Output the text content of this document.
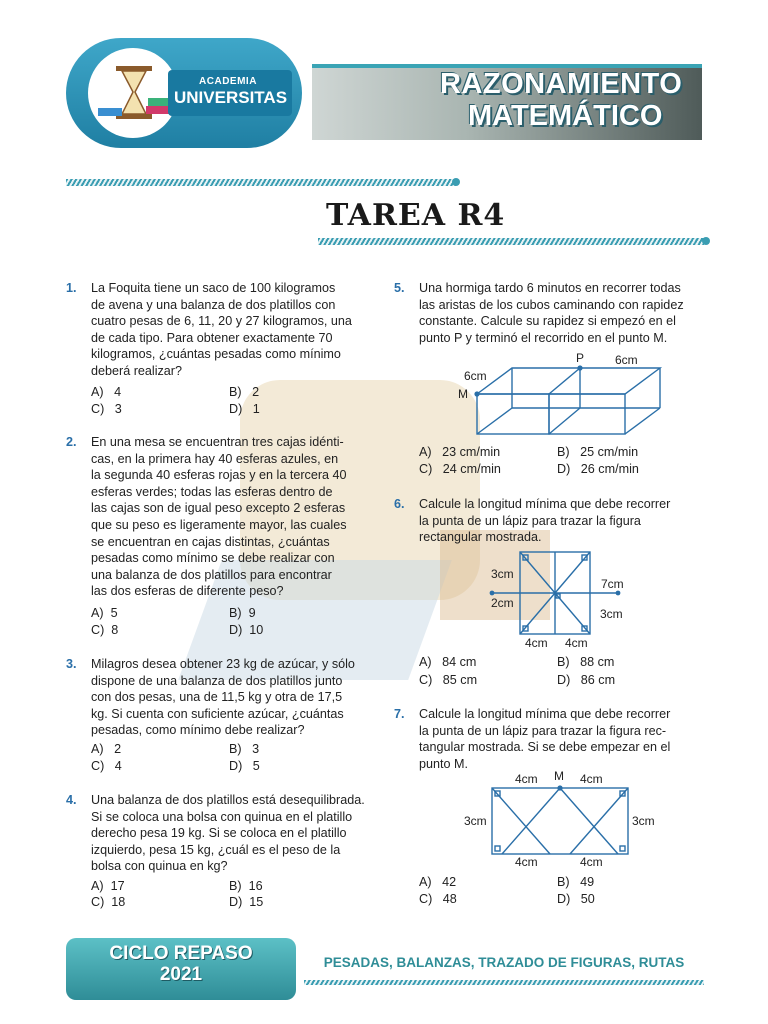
ACADEMIA
UNIVERSITAS	RAZONAMIENTO
MATEMÁTICO
TAREA R4
1. La Foquita tiene un saco de 100 kilogramos
de avena y una balanza de dos platillos con
cuatro pesas de 6, 11, 20 y 27 kilogramos, una
de cada tipo. Para obtener exactamente 70
kilogramos, ¿cuántas pesadas como mínimo
deberá realizar?
A)   4	B)   2
C)   3	D)   1
2. En una mesa se encuentran tres cajas idénti-
cas, en la primera hay 40 esferas azules, en
la segunda 40 esferas rojas y en la tercera 40
esferas verdes; todas las esferas dentro de
las cajas son de igual peso excepto 2 esferas
que su peso es ligeramente mayor, las cuales
se encuentran en cajas distintas, ¿cuántas
pesadas como mínimo se debe realizar con
una balanza de dos platillos para encontrar
las dos esferas de diferente peso?
A)  5	B)  9
C)  8	D)  10
3. Milagros desea obtener 23 kg de azúcar, y sólo
dispone de una balanza de dos platillos junto
con dos pesas, una de 11,5 kg y otra de 17,5
kg. Si cuenta con suficiente azúcar, ¿cuántas
pesadas, como mínimo debe realizar?
A)   2	B)   3
C)   4	D)   5
4. Una balanza de dos platillos está desequilibrada.
Si se coloca una bolsa con quinua en el platillo
derecho pesa 19 kg. Si se coloca en el platillo
izquierdo, pesa 15 kg, ¿cuál es el peso de la
bolsa con quinua en kg?
A)  17	B)  16
C)  18	D)  15
5. Una hormiga tardo 6 minutos en recorrer todas
las aristas de los cubos caminando con rapidez
constante. Calcule su rapidez si empezó en el
punto P y terminó el recorrido en el punto M.
A)   23 cm/min	B)   25 cm/min
C)   24 cm/min	D)   26 cm/min
P	6cm
6cm
M
6. Calcule la longitud mínima que debe recorrer
la punta de un lápiz para trazar la figura
rectangular mostrada.
A)   84 cm	B)   88 cm
C)   85 cm	D)   86 cm
3cm
2cm
7cm
3cm
4cm 4cm
7. Calcule la longitud mínima que debe recorrer
la punta de un lápiz para trazar la figura rec-
tangular mostrada. Si se debe empezar en el
punto M.
A)   42	B)   49
C)   48	D)   50
4cm M 4cm
3cm	3cm
4cm	4cm
CICLO REPASO
2021
PESADAS, BALANZAS, TRAZADO DE FIGURAS, RUTAS
